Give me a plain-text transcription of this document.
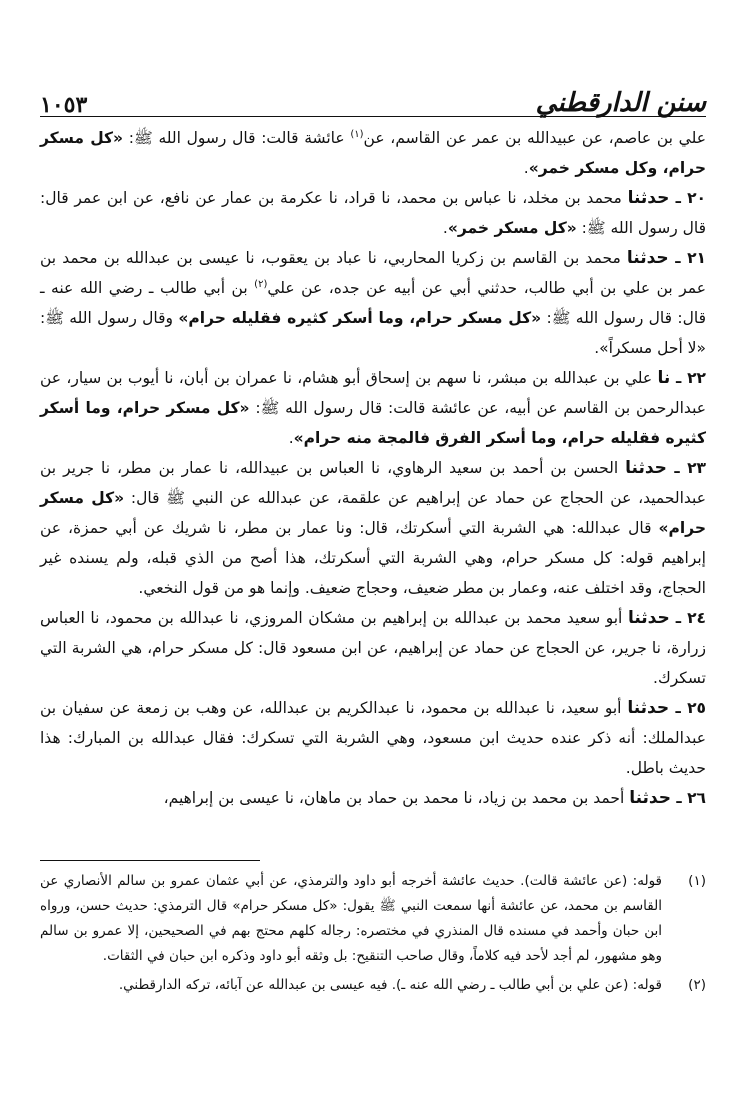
سنن الدارقطني
١٠٥٣

علي بن عاصم، عن عبيدالله بن عمر عن القاسم، عن$^{(١)}$ عائشة قالت: قال رسول الله ﷺ: «كل مسكر حرام، وكل مسكر خمر».

٢٠ ـ حدثنا محمد بن مخلد، نا عباس بن محمد، نا قراد، نا عكرمة بن عمار عن نافع، عن ابن عمر قال: قال رسول الله ﷺ: «كل مسكر خمر».

٢١ ـ حدثنا محمد بن القاسم بن زكريا المحاربي، نا عباد بن يعقوب، نا عيسى بن عبدالله بن محمد بن عمر بن علي بن أبي طالب، حدثني أبي عن أبيه عن جده، عن علي$^{(٢)}$ بن أبي طالب ـ رضي الله عنه ـ قال: قال رسول الله ﷺ: «كل مسكر حرام، وما أسكر كثيره فقليله حرام» وقال رسول الله ﷺ: «لا أحل مسكراً».

٢٢ ـ نا علي بن عبدالله بن مبشر، نا سهم بن إسحاق أبو هشام، نا عمران بن أبان، نا أيوب بن سيار، عن عبدالرحمن بن القاسم عن أبيه، عن عائشة قالت: قال رسول الله ﷺ: «كل مسكر حرام، وما أسكر كثيره فقليله حرام، وما أسكر الفرق فالمجة منه حرام».

٢٣ ـ حدثنا الحسن بن أحمد بن سعيد الرهاوي، نا العباس بن عبيدالله، نا عمار بن مطر، نا جرير بن عبدالحميد، عن الحجاج عن حماد عن إبراهيم عن علقمة، عن عبدالله عن النبي ﷺ قال: «كل مسكر حرام» قال عبدالله: هي الشربة التي أسكرتك، قال: ونا عمار بن مطر، نا شريك عن أبي حمزة، عن إبراهيم قوله: كل مسكر حرام، وهي الشربة التي أسكرتك، هذا أصح من الذي قبله، ولم يسنده غير الحجاج، وقد اختلف عنه، وعمار بن مطر ضعيف، وحجاج ضعيف. وإنما هو من قول النخعي.

٢٤ ـ حدثنا أبو سعيد محمد بن عبدالله بن إبراهيم بن مشكان المروزي، نا عبدالله بن محمود، نا العباس زرارة، نا جرير، عن الحجاج عن حماد عن إبراهيم، عن ابن مسعود قال: كل مسكر حرام، هي الشربة التي تسكرك.

٢٥ ـ حدثنا أبو سعيد، نا عبدالله بن محمود، نا عبدالكريم بن عبدالله، عن وهب بن زمعة عن سفيان بن عبدالملك: أنه ذكر عنده حديث ابن مسعود، وهي الشربة التي تسكرك: فقال عبدالله بن المبارك: هذا حديث باطل.

٢٦ ـ حدثنا أحمد بن محمد بن زياد، نا محمد بن حماد بن ماهان، نا عيسى بن إبراهيم،

(١)
قوله: (عن عائشة قالت). حديث عائشة أخرجه أبو داود والترمذي، عن أبي عثمان عمرو بن سالم الأنصاري عن القاسم بن محمد، عن عائشة أنها سمعت النبي ﷺ يقول: «كل مسكر حرام» قال الترمذي: حديث حسن، ورواه ابن حبان وأحمد في مسنده قال المنذري في مختصره: رجاله كلهم محتج بهم في الصحيحين، إلا عمرو بن سالم وهو مشهور، لم أجد لأحد فيه كلاماً، وقال صاحب التنقيح: بل وثقه أبو داود وذكره ابن حبان في الثقات.
(٢)
قوله: (عن علي بن أبي طالب ـ رضي الله عنه ـ). فيه عيسى بن عبدالله عن آبائه، تركه الدارقطني.
